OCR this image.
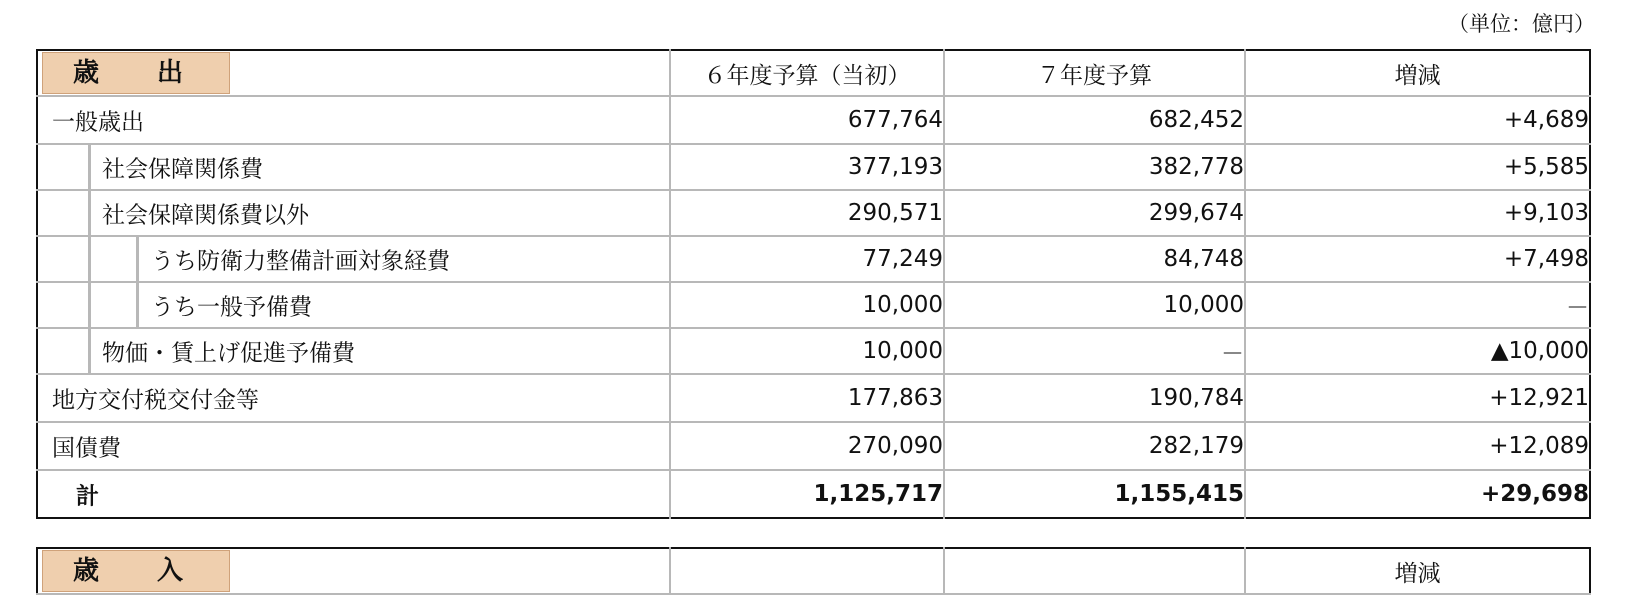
（単位：億円）
歳　出	６年度予算（当初）	７年度予算	増減

一般歳出	677,764	682,452	+4,689

社会保障関係費	377,193	382,778	+5,585

社会保障関係費以外	290,571	299,674	+9,103

うち防衛力整備計画対象経費	77,249	84,748	+7,498

うち一般予備費	10,000	10,000	－

物価・賃上げ促進予備費	10,000	－	▲10,000

地方交付税交付金等	177,863	190,784	+12,921

国債費	270,090	282,179	+12,089

計	1,125,717	1,155,415	+29,698
歳　入			増減
